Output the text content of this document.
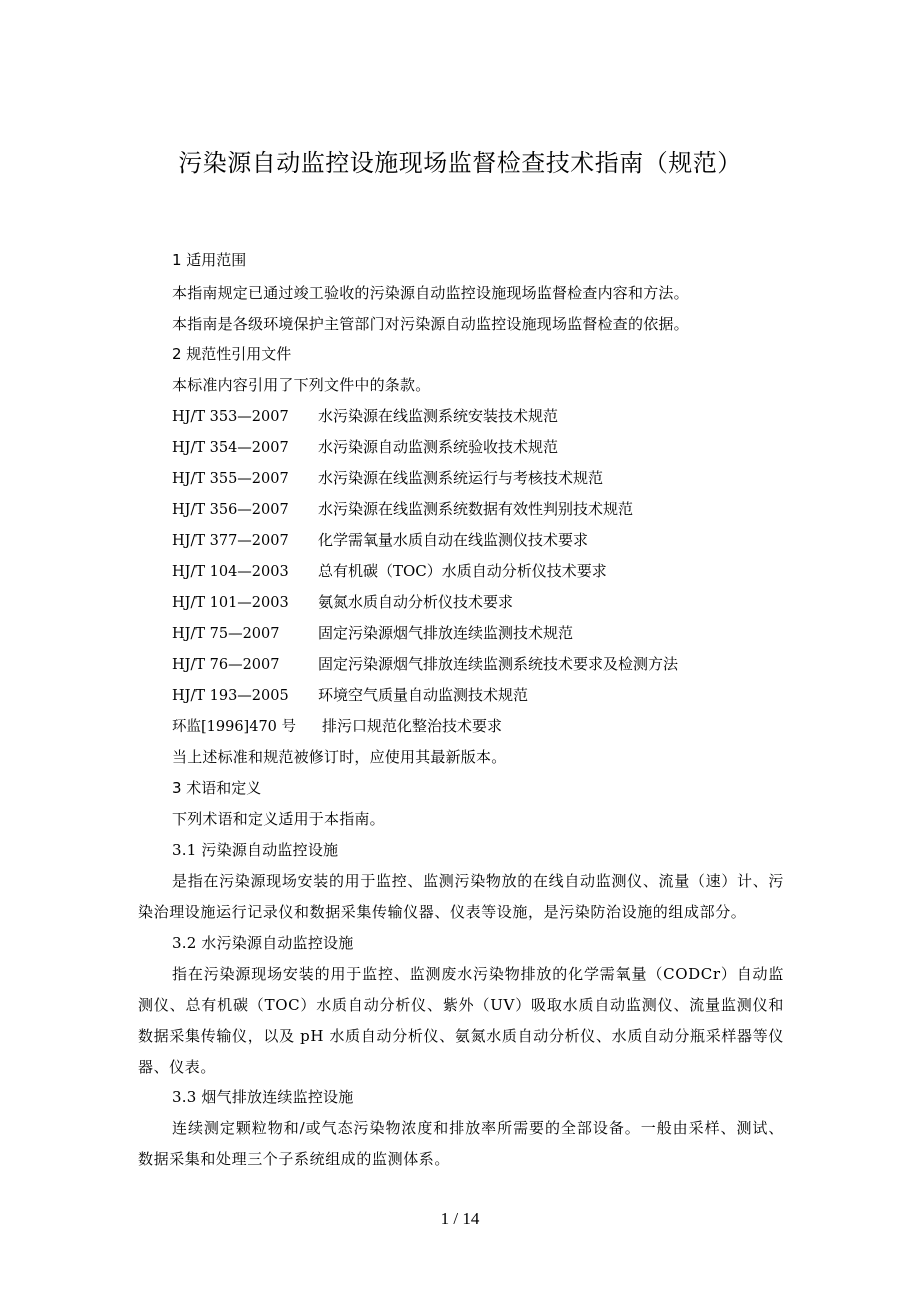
污染源自动监控设施现场监督检查技术指南（规范）
1 适用范围
本指南规定已通过竣工验收的污染源自动监控设施现场监督检查内容和方法。
本指南是各级环境保护主管部门对污染源自动监控设施现场监督检查的依据。
2 规范性引用文件
本标准内容引用了下列文件中的条款。
HJ/T 353—2007 水污染源在线监测系统安装技术规范
HJ/T 354—2007 水污染源自动监测系统验收技术规范
HJ/T 355—2007 水污染源在线监测系统运行与考核技术规范
HJ/T 356—2007 水污染源在线监测系统数据有效性判别技术规范
HJ/T 377—2007 化学需氧量水质自动在线监测仪技术要求
HJ/T 104—2003 总有机碳（TOC）水质自动分析仪技术要求
HJ/T 101—2003 氨氮水质自动分析仪技术要求
HJ/T 75—2007	固定污染源烟气排放连续监测技术规范
HJ/T 76—2007	固定污染源烟气排放连续监测系统技术要求及检测方法
HJ/T 193—2005 环境空气质量自动监测技术规范
环监[1996]470 号 排污口规范化整治技术要求
当上述标准和规范被修订时，应使用其最新版本。
3 术语和定义
下列术语和定义适用于本指南。
3.1 污染源自动监控设施
是指在污染源现场安装的用于监控、监测污染物放的在线自动监测仪、流量（速）计、污染治理设施运行记录仪和数据采集传输仪器、仪表等设施，是污染防治设施的组成部分。
3.2 水污染源自动监控设施
指在污染源现场安装的用于监控、监测废水污染物排放的化学需氧量（CODCr）自动监测仪、总有机碳（TOC）水质自动分析仪、紫外（UV）吸取水质自动监测仪、流量监测仪和数据采集传输仪，以及 pH 水质自动分析仪、氨氮水质自动分析仪、水质自动分瓶采样器等仪器、仪表。
3.3 烟气排放连续监控设施
连续测定颗粒物和/或气态污染物浓度和排放率所需要的全部设备。一般由采样、测试、数据采集和处理三个子系统组成的监测体系。
1 / 14
